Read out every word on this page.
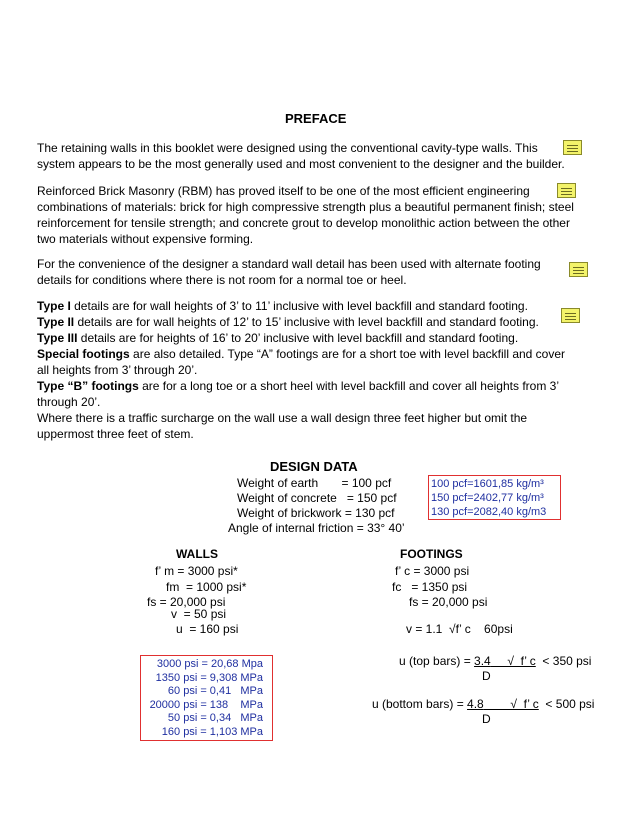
PREFACE
The retaining walls in this booklet were designed using the conventional cavity-type walls. This
system appears to be the most generally used and most convenient to the designer and the builder.
Reinforced Brick Masonry (RBM) has proved itself to be one of the most efficient engineering
combinations of materials: brick for high compressive strength plus a beautiful permanent finish; steel
reinforcement for tensile strength; and concrete grout to develop monolithic action between the other
two materials without expensive forming.
For the convenience of the designer a standard wall detail has been used with alternate footing
details for conditions where there is not room for a normal toe or heel.
Type I details are for wall heights of 3’ to 11’ inclusive with level backfill and standard footing.
Type II details are for wall heights of 12’ to 15’ inclusive with level backfill and standard footing.
Type III details are for heights of 16’ to 20’ inclusive with level backfill and standard footing.
Special footings are also detailed. Type “A” footings are for a short toe with level backfill and cover
all heights from 3’ through 20’.
Type “B” footings are for a long toe or a short heel with level backfill and cover all heights from 3’
through 20’.
Where there is a traffic surcharge on the wall use a wall design three feet higher but omit the
uppermost three feet of stem.
DESIGN DATA
Weight of earth       = 100 pcf
Weight of concrete   = 150 pcf
Weight of brickwork = 130 pcf
Angle of internal friction = 33° 40’
100 pcf=1601,85 kg/m³
150 pcf=2402,77 kg/m³
130 pcf=2082,40 kg/m3
WALLS
f’ m = 3000 psi*
fm  = 1000 psi*
fs = 20,000 psi
v  = 50 psi
u  = 160 psi
FOOTINGS
f’ c = 3000 psi
fc   = 1350 psi
fs = 20,000 psi
v = 1.1  √f’ c    60psi
u (top bars) = 3.4     √  f’ c  < 350 psi
D
u (bottom bars) = 4.8        √  f’ c  < 500 psi
D
3000 psi = 20,68 Mpa
1350 psi = 9,308 MPa
60 psi = 0,41   MPa
20000 psi = 138    MPa
50 psi = 0,34   MPa
160 psi = 1,103 MPa
